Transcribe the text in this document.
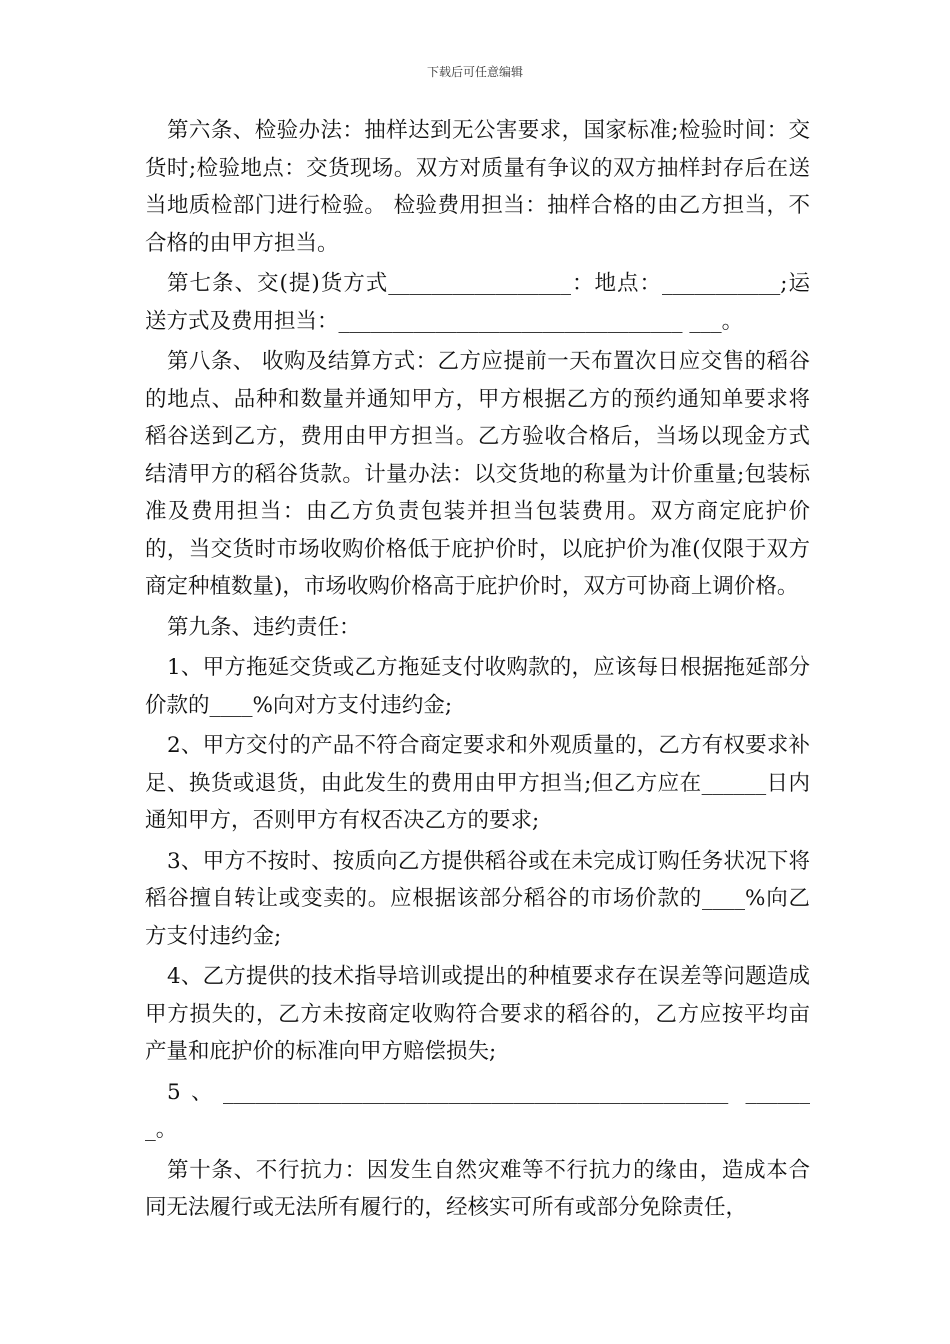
下载后可任意编辑

第六条、检验办法：抽样达到无公害要求，国家标准;检验时间：交货时;检验地点：交货现场。双方对质量有争议的双方抽样封存后在送当地质检部门进行检验。 检验费用担当：抽样合格的由乙方担当，不合格的由甲方担当。

第七条、交(提)货方式_________________：地点：___________;运送方式及费用担当：________________________________ ___。

第八条、 收购及结算方式：乙方应提前一天布置次日应交售的稻谷的地点、品种和数量并通知甲方，甲方根据乙方的预约通知单要求将稻谷送到乙方，费用由甲方担当。乙方验收合格后，当场以现金方式结清甲方的稻谷货款。计量办法：以交货地的称量为计价重量;包装标准及费用担当：由乙方负责包装并担当包装费用。双方商定庇护价的，当交货时市场收购价格低于庇护价时，以庇护价为准(仅限于双方商定种植数量)，市场收购价格高于庇护价时，双方可协商上调价格。

第九条、违约责任：

1、甲方拖延交货或乙方拖延支付收购款的，应该每日根据拖延部分价款的____%向对方支付违约金;

2、甲方交付的产品不符合商定要求和外观质量的，乙方有权要求补足、换货或退货，由此发生的费用由甲方担当;但乙方应在______日内通知甲方，否则甲方有权否决乙方的要求;

3、甲方不按时、按质向乙方提供稻谷或在未完成订购任务状况下将稻谷擅自转让或变卖的。应根据该部分稻谷的市场价款的____%向乙方支付违约金;

4、乙方提供的技术指导培训或提出的种植要求存在误差等问题造成甲方损失的，乙方未按商定收购符合要求的稻谷的，乙方应按平均亩产量和庇护价的标准向甲方赔偿损失;

5、_______________________________________________ _______。

第十条、不行抗力：因发生自然灾难等不行抗力的缘由，造成本合同无法履行或无法所有履行的，经核实可所有或部分免除责任，
